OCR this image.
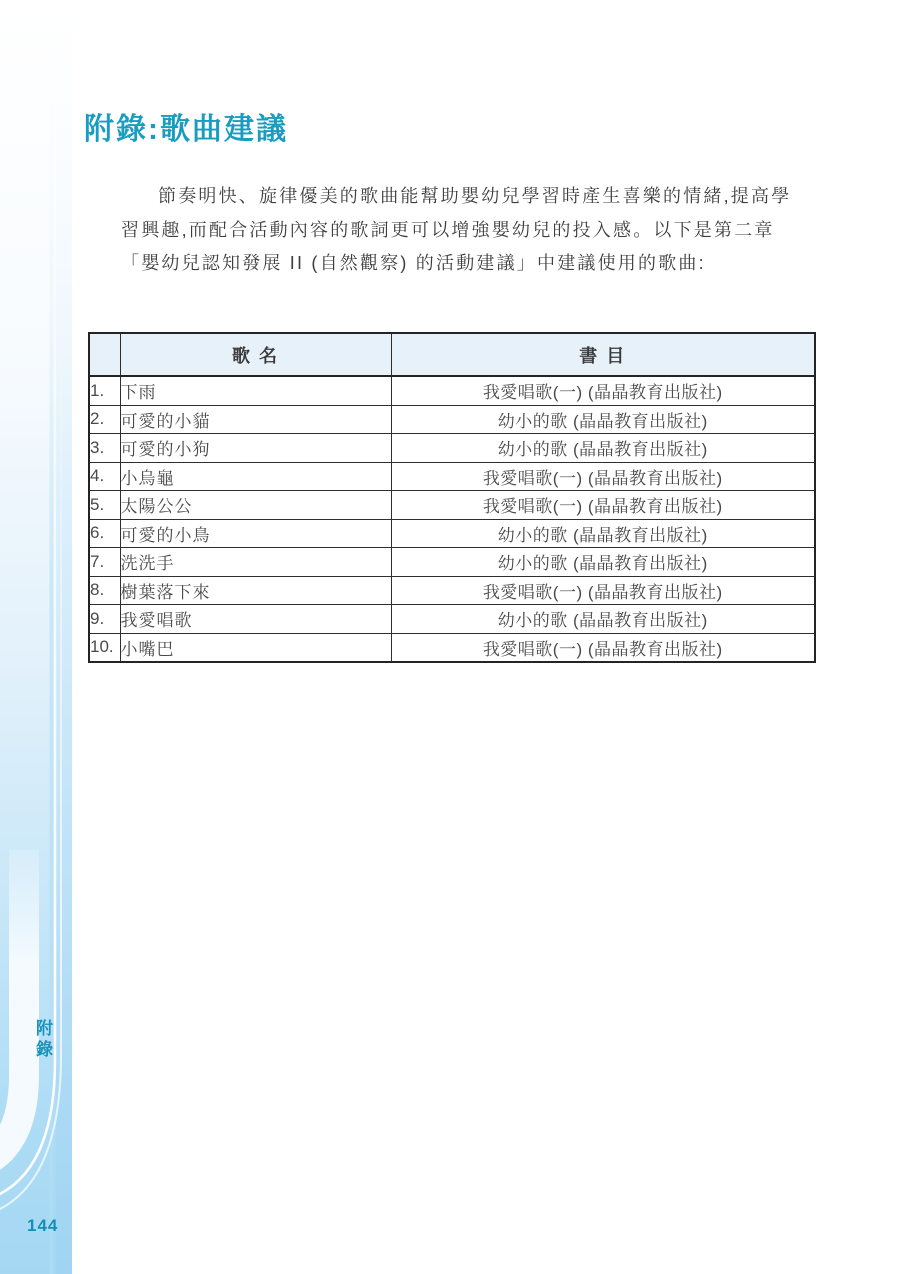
附錄
144
附錄:歌曲建議
節奏明快、旋律優美的歌曲能幫助嬰幼兒學習時產生喜樂的情緒,提高學
習興趣,而配合活動內容的歌詞更可以增強嬰幼兒的投入感。以下是第二章
「嬰幼兒認知發展 II (自然觀察) 的活動建議」中建議使用的歌曲:
	歌 名	書 目
1.	下雨	我愛唱歌(一) (晶晶教育出版社)
2.	可愛的小貓	幼小的歌 (晶晶教育出版社)
3.	可愛的小狗	幼小的歌 (晶晶教育出版社)
4.	小烏龜	我愛唱歌(一) (晶晶教育出版社)
5.	太陽公公	我愛唱歌(一) (晶晶教育出版社)
6.	可愛的小鳥	幼小的歌 (晶晶教育出版社)
7.	洗洗手	幼小的歌 (晶晶教育出版社)
8.	樹葉落下來	我愛唱歌(一) (晶晶教育出版社)
9.	我愛唱歌	幼小的歌 (晶晶教育出版社)
10.	小嘴巴	我愛唱歌(一) (晶晶教育出版社)
